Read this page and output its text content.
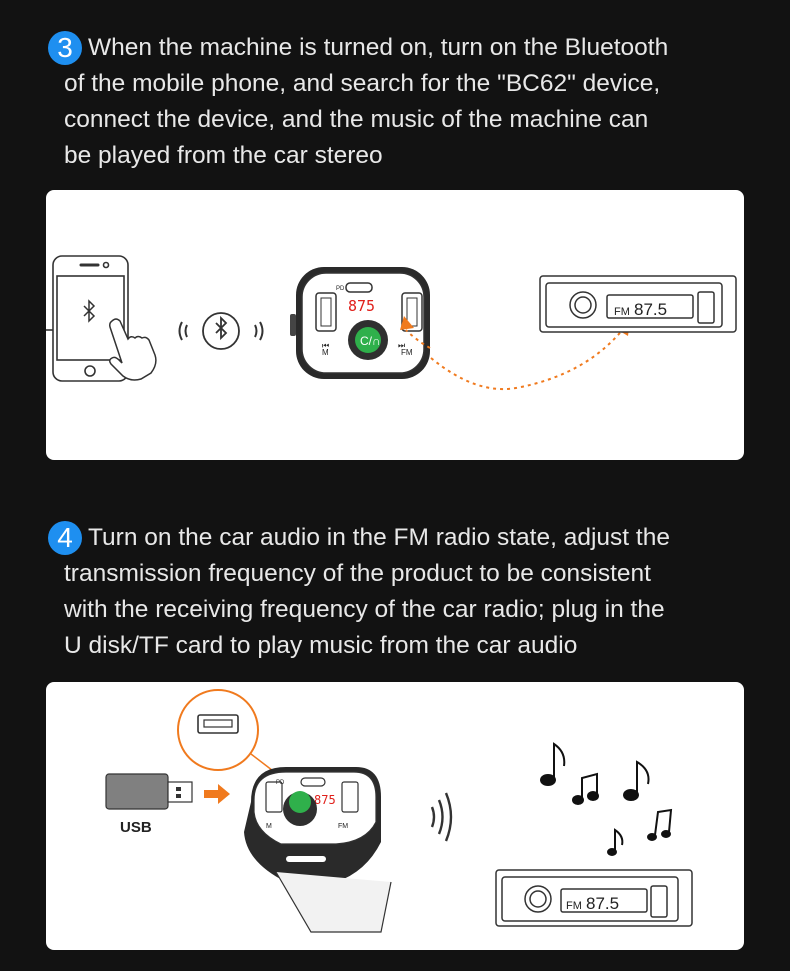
3 When the machine is turned on, turn on the Bluetooth
of the mobile phone, and search for the "BC62" device,
connect the device, and the music of the machine can
be played from the car stereo
PD
875
C/∩
M	FM
⏮	⏭
FM 87.5
4 Turn on the car audio in the FM radio state, adjust the
transmission frequency of the product to be consistent
with the receiving frequency of the car radio; plug in the
U disk/TF card to play music from the car audio
USB
875
M	FM
PD
FM 87.5
